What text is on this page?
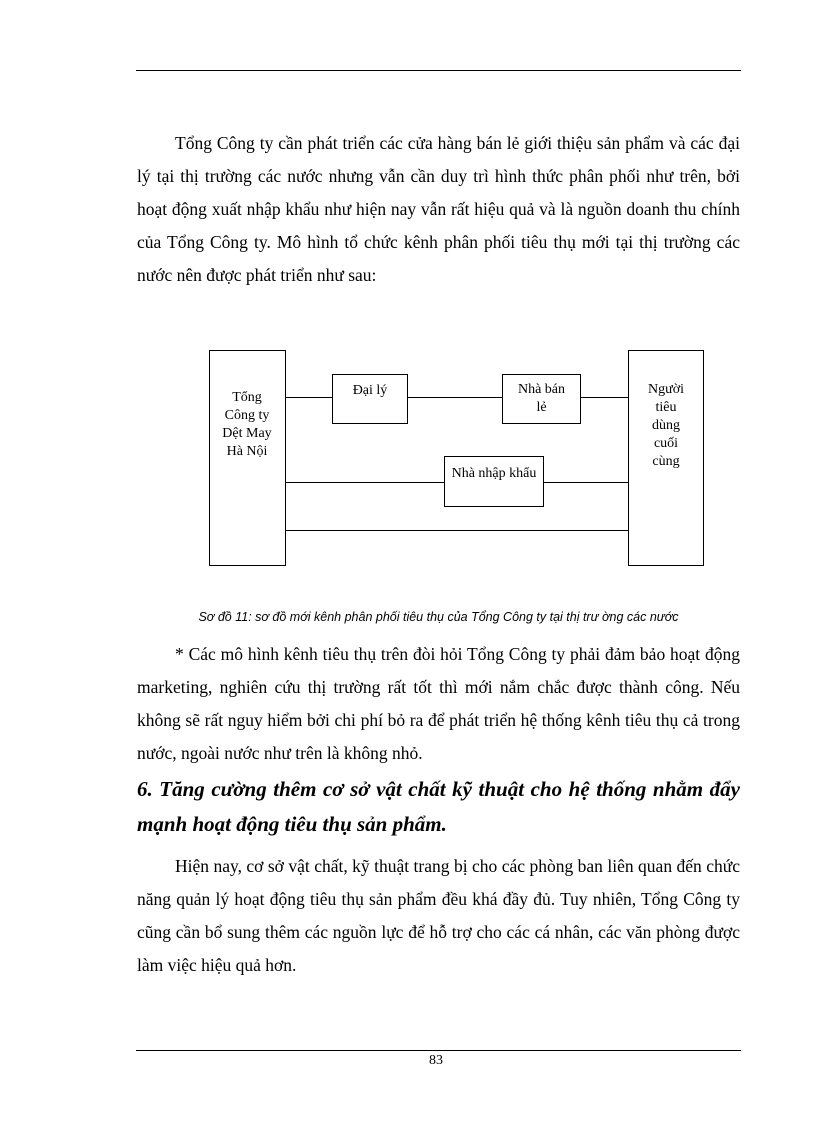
Tổng Công ty cần phát triển các cửa hàng bán lẻ giới thiệu sản phẩm và các đại lý tại thị trường các nước nhưng vẫn cần duy trì hình thức phân phối như trên, bởi hoạt động xuất nhập khẩu như hiện nay vẫn rất hiệu quả và là nguồn doanh thu chính của Tổng Công ty. Mô hình tổ chức kênh phân phối tiêu thụ mới tại thị trường các nước nên được phát triển như sau:

Tổng Công ty Dệt May Hà Nội
Đại lý	Nhà bán lẻ
Nhà nhập khẩu
Người tiêu dùng cuối cùng
Sơ đồ 11: sơ đồ mới kênh phân phối tiêu thụ của Tổng Công ty tại thị trư ờng các nước

* Các mô hình kênh tiêu thụ trên đòi hỏi Tổng Công ty phải đảm bảo hoạt động marketing, nghiên cứu thị trường rất tốt thì mới nắm chắc được thành công. Nếu không sẽ rất nguy hiểm bởi chi phí bỏ ra để phát triển hệ thống kênh tiêu thụ cả trong nước, ngoài nước như trên là không nhỏ.

6. Tăng cường thêm cơ sở vật chất kỹ thuật cho hệ thống nhằm đẩy mạnh hoạt động tiêu thụ sản phẩm.

Hiện nay, cơ sở vật chất, kỹ thuật trang bị cho các phòng ban liên quan đến chức năng quản lý hoạt động tiêu thụ sản phẩm đều khá đầy đủ. Tuy nhiên, Tổng Công ty cũng cần bổ sung thêm các nguồn lực để hỗ trợ cho các cá nhân, các văn phòng được làm việc hiệu quả hơn.

83
